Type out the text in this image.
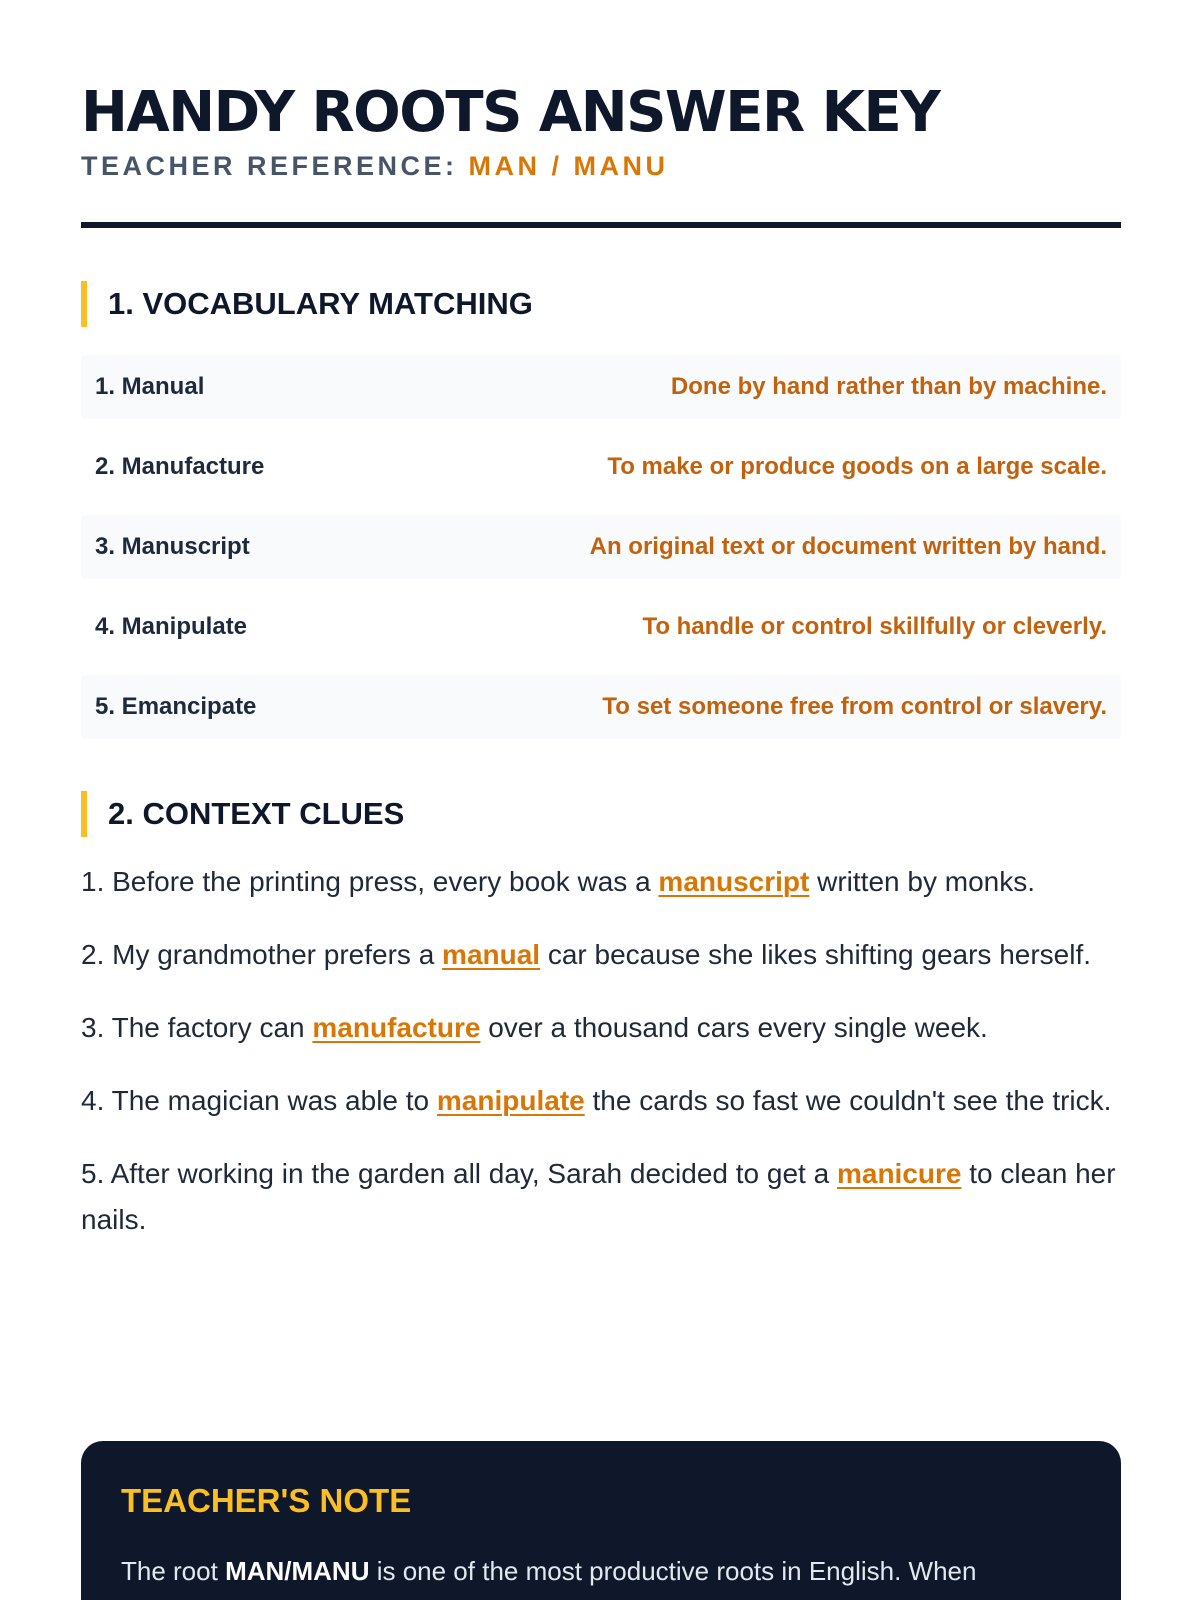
HANDY ROOTS ANSWER KEY
TEACHER REFERENCE: MAN / MANU
1. VOCABULARY MATCHING
1. Manual	Done by hand rather than by machine.
2. Manufacture	To make or produce goods on a large scale.
3. Manuscript	An original text or document written by hand.
4. Manipulate	To handle or control skillfully or cleverly.
5. Emancipate	To set someone free from control or slavery.
2. CONTEXT CLUES

1. Before the printing press, every book was a manuscript written by monks.

2. My grandmother prefers a manual car because she likes shifting gears herself.

3. The factory can manufacture over a thousand cars every single week.

4. The magician was able to manipulate the cards so fast we couldn't see the trick.

5. After working in the garden all day, Sarah decided to get a manicure to clean her nails.

TEACHER'S NOTE

The root MAN/MANU is one of the most productive roots in English. When
